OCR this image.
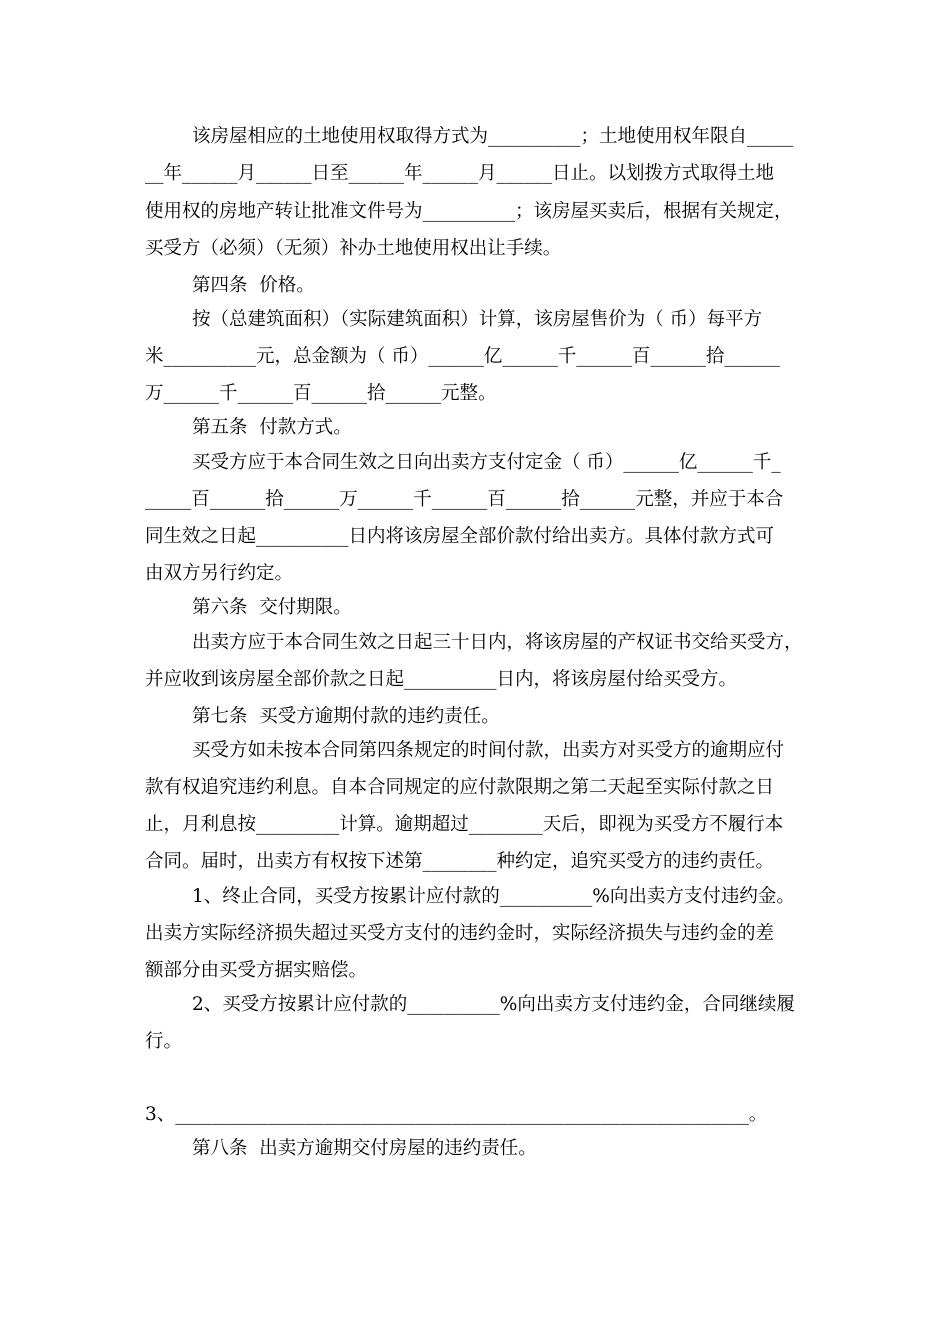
该房屋相应的土地使用权取得方式为__________；土地使用权年限自_____
__年______月______日至______年______月______日止。以划拨方式取得土地
使用权的房地产转让批准文件号为__________；该房屋买卖后，根据有关规定，
买受方（必须）（无须）补办土地使用权出让手续。
第四条  价格。
按（总建筑面积）（实际建筑面积）计算，该房屋售价为（ 币）每平方
米__________元，总金额为（ 币）______亿______千______百______拾______
万______千______百______拾______元整。
第五条  付款方式。
买受方应于本合同生效之日向出卖方支付定金（ 币）______亿______千_
_____百______拾______万______千______百______拾______元整，并应于本合
同生效之日起__________日内将该房屋全部价款付给出卖方。具体付款方式可
由双方另行约定。
第六条  交付期限。
出卖方应于本合同生效之日起三十日内，将该房屋的产权证书交给买受方，
并应收到该房屋全部价款之日起__________日内，将该房屋付给买受方。
第七条  买受方逾期付款的违约责任。
买受方如未按本合同第四条规定的时间付款，出卖方对买受方的逾期应付
款有权追究违约利息。自本合同规定的应付款限期之第二天起至实际付款之日
止，月利息按_________计算。逾期超过________天后，即视为买受方不履行本
合同。届时，出卖方有权按下述第________种约定，追究买受方的违约责任。
1、终止合同，买受方按累计应付款的__________%向出卖方支付违约金。
出卖方实际经济损失超过买受方支付的违约金时，实际经济损失与违约金的差
额部分由买受方据实赔偿。
2、买受方按累计应付款的__________%向出卖方支付违约金，合同继续履
行。
3、______________________________________________________________。
第八条  出卖方逾期交付房屋的违约责任。
